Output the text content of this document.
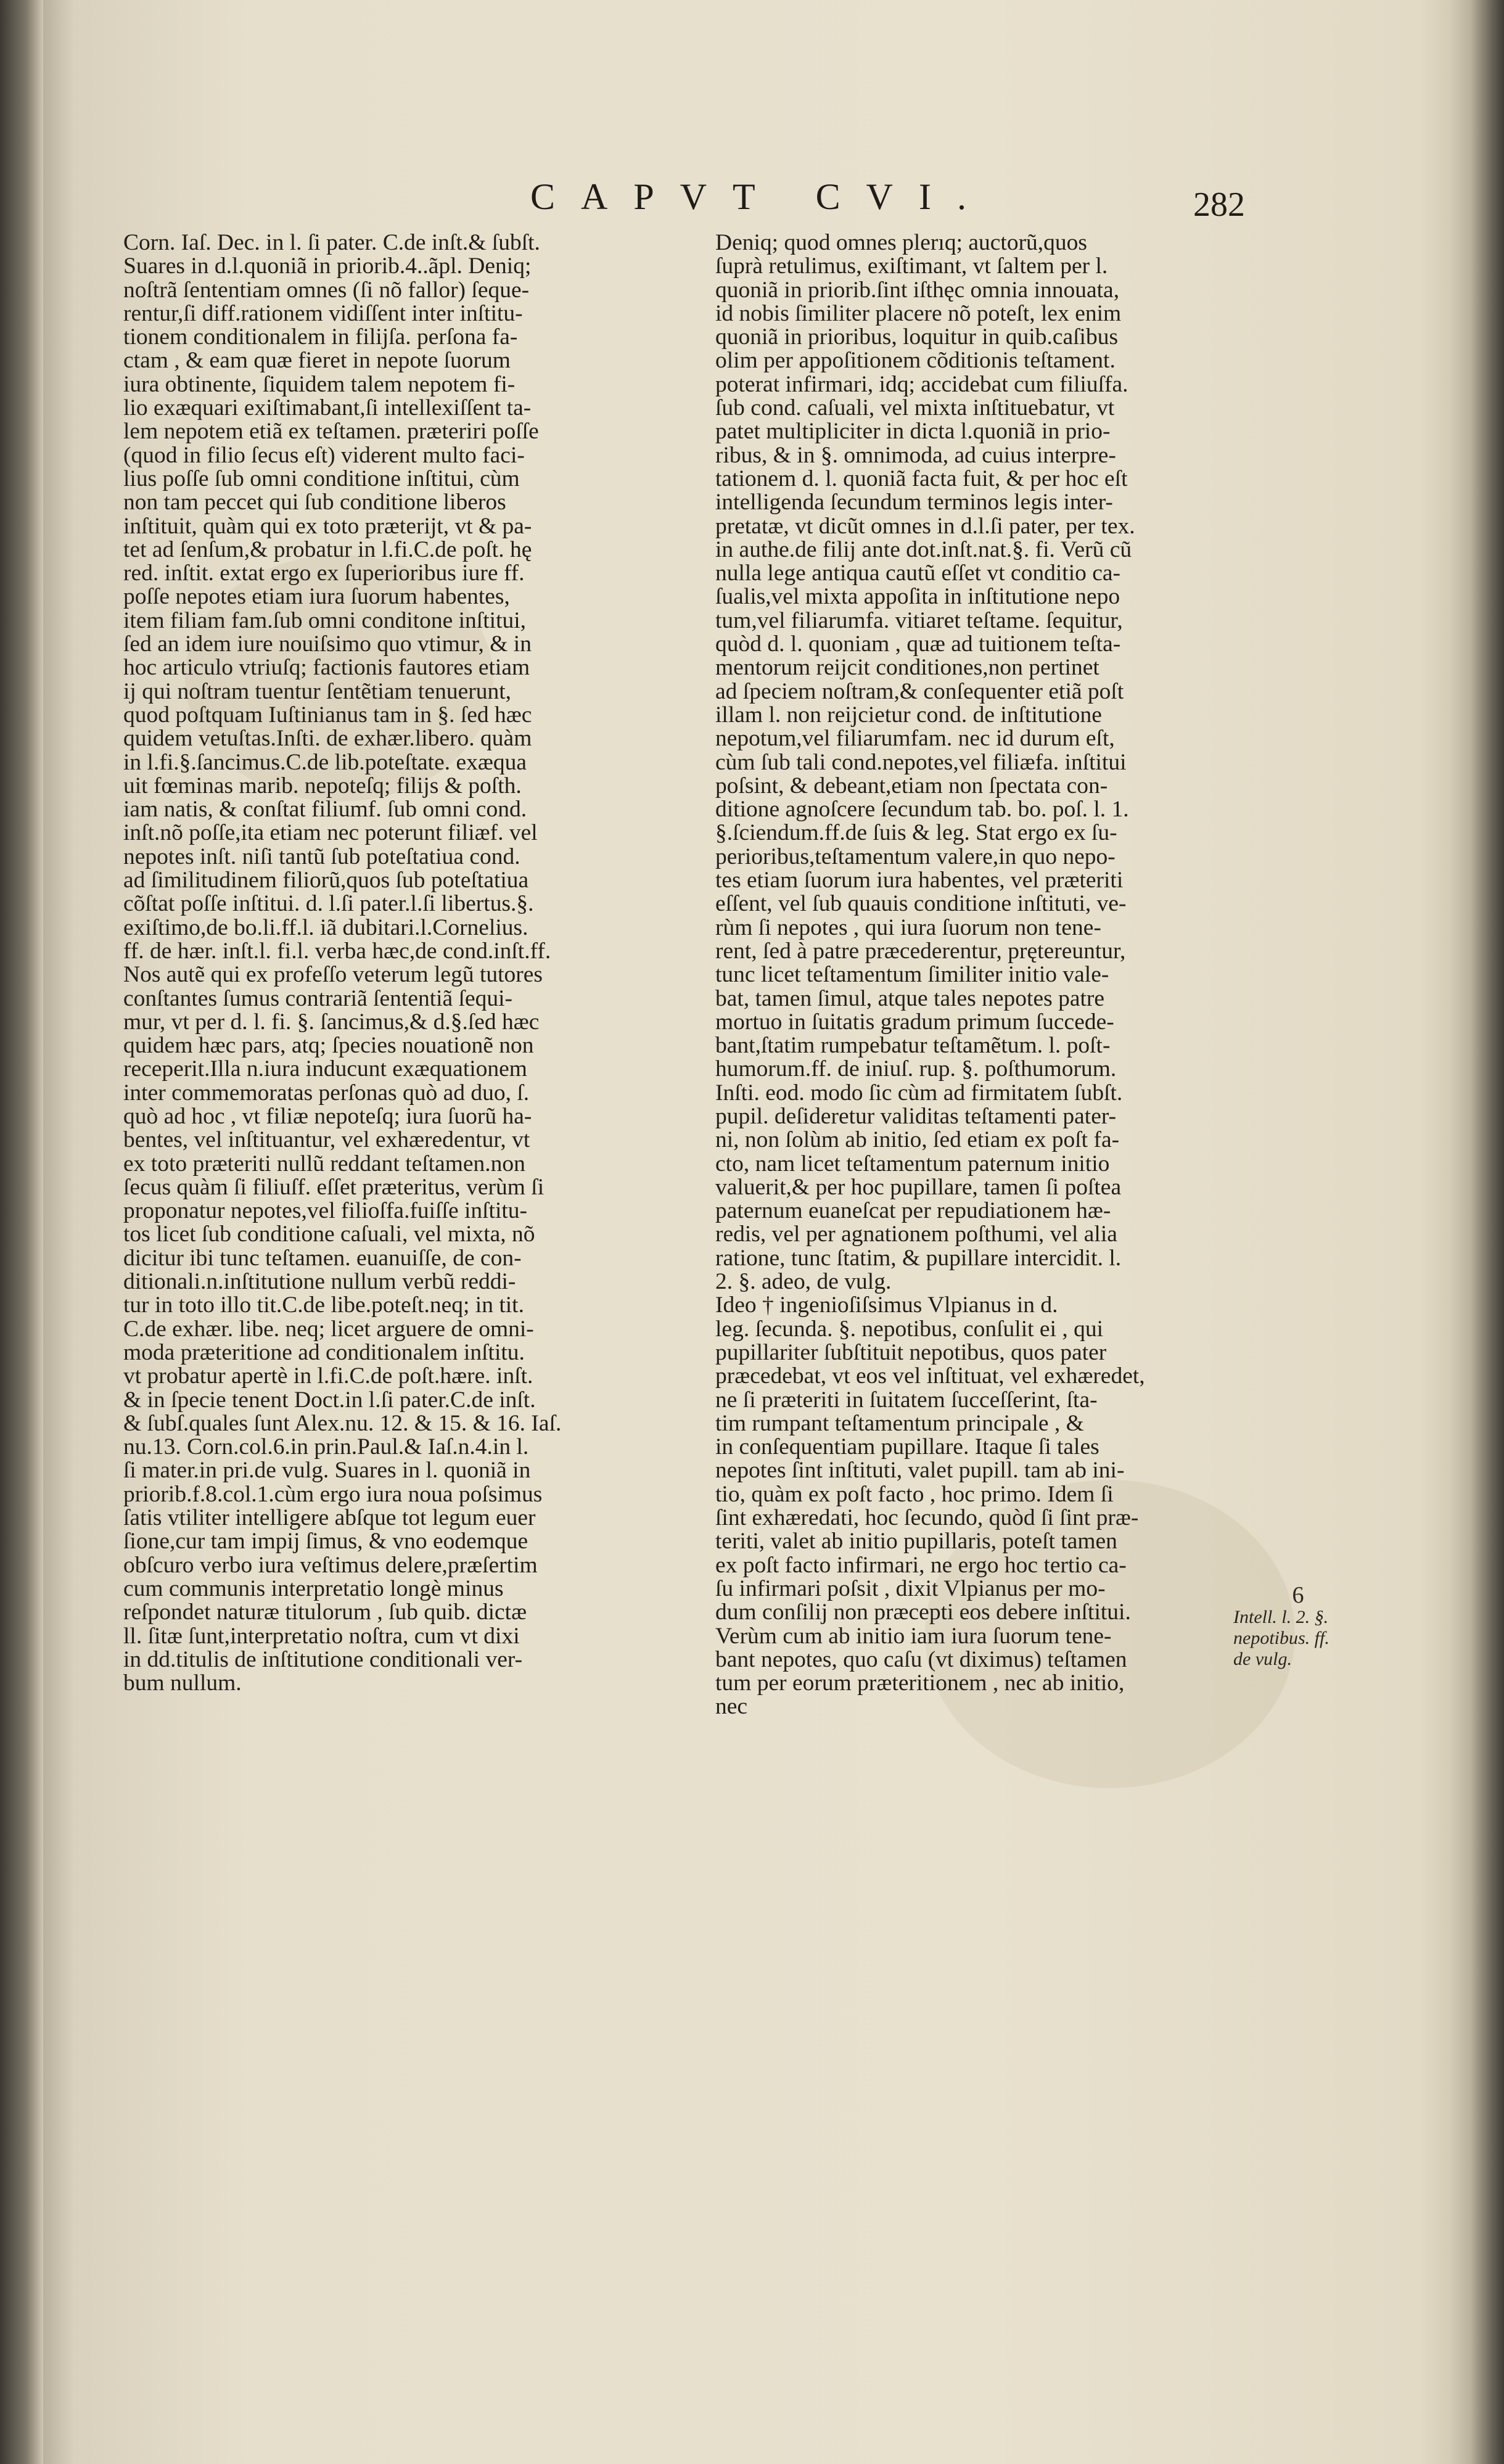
CAPVT CVI.	282
Corn. Iaſ. Dec. in l. ſi pater. C.de inſt.& ſubſt.
Suares in d.l.quoniã in priorib.4..ãpl. Deniq;
noſtrã ſententiam omnes (ſi nõ fallor) ſeque-
rentur,ſi diff.rationem vidiſſent inter inſtitu-
tionem conditionalem in filijſa. perſona fa-
ctam , & eam quæ fieret in nepote ſuorum
iura obtinente, ſiquidem talem nepotem fi-
lio exæquari exiſtimabant,ſi intellexiſſent ta-
lem nepotem etiã ex teſtamen. præteriri poſſe
(quod in filio ſecus eſt) viderent multo faci-
lius poſſe ſub omni conditione inſtitui, cùm
non tam peccet qui ſub conditione liberos
inſtituit, quàm qui ex toto præterijt, vt & pa-
tet ad ſenſum,& probatur in l.fi.C.de poſt. hę
red. inſtit. extat ergo ex ſuperioribus iure ff.
poſſe nepotes etiam iura ſuorum habentes,
item filiam fam.ſub omni conditone inſtitui,
ſed an idem iure nouiſsimo quo vtimur, & in
hoc articulo vtriuſq; factionis fautores etiam
ij qui noſtram tuentur ſentẽtiam tenuerunt,
quod poſtquam Iuſtinianus tam in §. ſed hæc
quidem vetuſtas.Inſti. de exhær.libero. quàm
in l.fi.§.ſancimus.C.de lib.poteſtate. exæqua
uit fœminas marib. nepoteſq; filijs & poſth.
iam natis, & conſtat filiumf. ſub omni cond.
inſt.nõ poſſe,ita etiam nec poterunt filiæf. vel
nepotes inſt. niſi tantũ ſub poteſtatiua cond.
ad ſimilitudinem filiorũ,quos ſub poteſtatiua
cõſtat poſſe inſtitui. d. l.ſi pater.l.ſi libertus.§.
exiſtimo,de bo.li.ff.l. iã dubitari.l.Cornelius.
ff. de hær. inſt.l. fi.l. verba hæc,de cond.inſt.ff.
Nos autẽ qui ex profeſſo veterum legũ tutores
conſtantes ſumus contrariã ſententiã ſequi-
mur, vt per d. l. fi. §. ſancimus,& d.§.ſed hæc
quidem hæc pars, atq; ſpecies nouationẽ non
receperit.Illa n.iura inducunt exæquationem
inter commemoratas perſonas quò ad duo, ſ.
quò ad hoc , vt filiæ nepoteſq; iura ſuorũ ha-
bentes, vel inſtituantur, vel exhæredentur, vt
ex toto præteriti nullũ reddant teſtamen.non
ſecus quàm ſi filiuſf. eſſet præteritus, verùm ſi
proponatur nepotes,vel filioſfa.fuiſſe inſtitu-
tos licet ſub conditione caſuali, vel mixta, nõ
dicitur ibi tunc teſtamen. euanuiſſe, de con-
ditionali.n.inſtitutione nullum verbũ reddi-
tur in toto illo tit.C.de libe.poteſt.neq; in tit.
C.de exhær. libe. neq; licet arguere de omni-
moda præteritione ad conditionalem inſtitu.
vt probatur apertè in l.fi.C.de poſt.hære. inſt.
& in ſpecie tenent Doct.in l.ſi pater.C.de inſt.
& ſubſ.quales ſunt Alex.nu. 12. & 15. & 16. Iaſ.
nu.13. Corn.col.6.in prin.Paul.& Iaſ.n.4.in l.
ſi mater.in pri.de vulg. Suares in l. quoniã in
priorib.f.8.col.1.cùm ergo iura noua poſsimus
ſatis vtiliter intelligere abſque tot legum euer
ſione,cur tam impij ſimus, & vno eodemque
obſcuro verbo iura veſtimus delere,præſertim
cum communis interpretatio longè minus
reſpondet naturæ titulorum , ſub quib. dictæ
ll. ſitæ ſunt,interpretatio noſtra, cum vt dixi
in dd.titulis de inſtitutione conditionali ver-
bum nullum.
Deniq; quod omnes plerıq; auctorũ,quos
ſuprà retulimus, exiſtimant, vt ſaltem per l.
quoniã in priorib.ſint iſthęc omnia innouata,
id nobis ſimiliter placere nõ poteſt, lex enim
quoniã in prioribus, loquitur in quib.caſibus
olim per appoſitionem cõditionis teſtament.
poterat infirmari, idq; accidebat cum filiuſfa.
ſub cond. caſuali, vel mixta inſtituebatur, vt
patet multipliciter in dicta l.quoniã in prio-
ribus, & in §. omnimoda, ad cuius interpre-
tationem d. l. quoniã facta fuit, & per hoc eſt
intelligenda ſecundum terminos legis inter-
pretatæ, vt dicũt omnes in d.l.ſi pater, per tex.
in authe.de filij ante dot.inſt.nat.§. fi. Verũ cũ
nulla lege antiqua cautũ eſſet vt conditio ca-
ſualis,vel mixta appoſita in inſtitutione nepo
tum,vel filiarumfa. vitiaret teſtame. ſequitur,
quòd d. l. quoniam , quæ ad tuitionem teſta-
mentorum reijcit conditiones,non pertinet
ad ſpeciem noſtram,& conſequenter etiã poſt
illam l. non reijcietur cond. de inſtitutione
nepotum,vel filiarumfam. nec id durum eſt,
cùm ſub tali cond.nepotes,vel filiæfa. inſtitui
poſsint, & debeant,etiam non ſpectata con-
ditione agnoſcere ſecundum tab. bo. poſ. l. 1.
§.ſciendum.ff.de ſuis & leg. Stat ergo ex ſu-
perioribus,teſtamentum valere,in quo nepo-
tes etiam ſuorum iura habentes, vel præteriti
eſſent, vel ſub quauis conditione inſtituti, ve-
rùm ſi nepotes , qui iura ſuorum non tene-
rent, ſed à patre præcederentur, prętereuntur,
tunc licet teſtamentum ſimiliter initio vale-
bat, tamen ſimul, atque tales nepotes patre
mortuo in ſuitatis gradum primum ſuccede-
bant,ſtatim rumpebatur teſtamẽtum. l. poſt-
humorum.ff. de iniuſ. rup. §. poſthumorum.
Inſti. eod. modo ſic cùm ad firmitatem ſubſt.
pupil. deſideretur validitas teſtamenti pater-
ni, non ſolùm ab initio, ſed etiam ex poſt fa-
cto, nam licet teſtamentum paternum initio
valuerit,& per hoc pupillare, tamen ſi poſtea
paternum euaneſcat per repudiationem hæ-
redis, vel per agnationem poſthumi, vel alia
ratione, tunc ſtatim, & pupillare intercidit. l.
2. §. adeo, de vulg.
Ideo † ingenioſiſsimus Vlpianus in d.
leg. ſecunda. §. nepotibus, conſulit ei , qui
pupillariter ſubſtituit nepotibus, quos pater
præcedebat, vt eos vel inſtituat, vel exhæredet,
ne ſi præteriti in ſuitatem ſucceſſerint, ſta-
tim rumpant teſtamentum principale , &
in conſequentiam pupillare. Itaque ſi tales
nepotes ſint inſtituti, valet pupill. tam ab ini-
tio, quàm ex poſt facto , hoc primo. Idem ſi
ſint exhæredati, hoc ſecundo, quòd ſi ſint præ-
teriti, valet ab initio pupillaris, poteſt tamen
ex poſt facto infirmari, ne ergo hoc tertio ca-
ſu infirmari poſsit , dixit Vlpianus per mo-
dum conſilij non præcepti eos debere inſtitui.
Verùm cum ab initio iam iura ſuorum tene-
bant nepotes, quo caſu (vt diximus) teſtamen
tum per eorum præteritionem , nec ab initio,
nec
6
Intell. l. 2. §.
nepotibus. ff.
de vulg.
